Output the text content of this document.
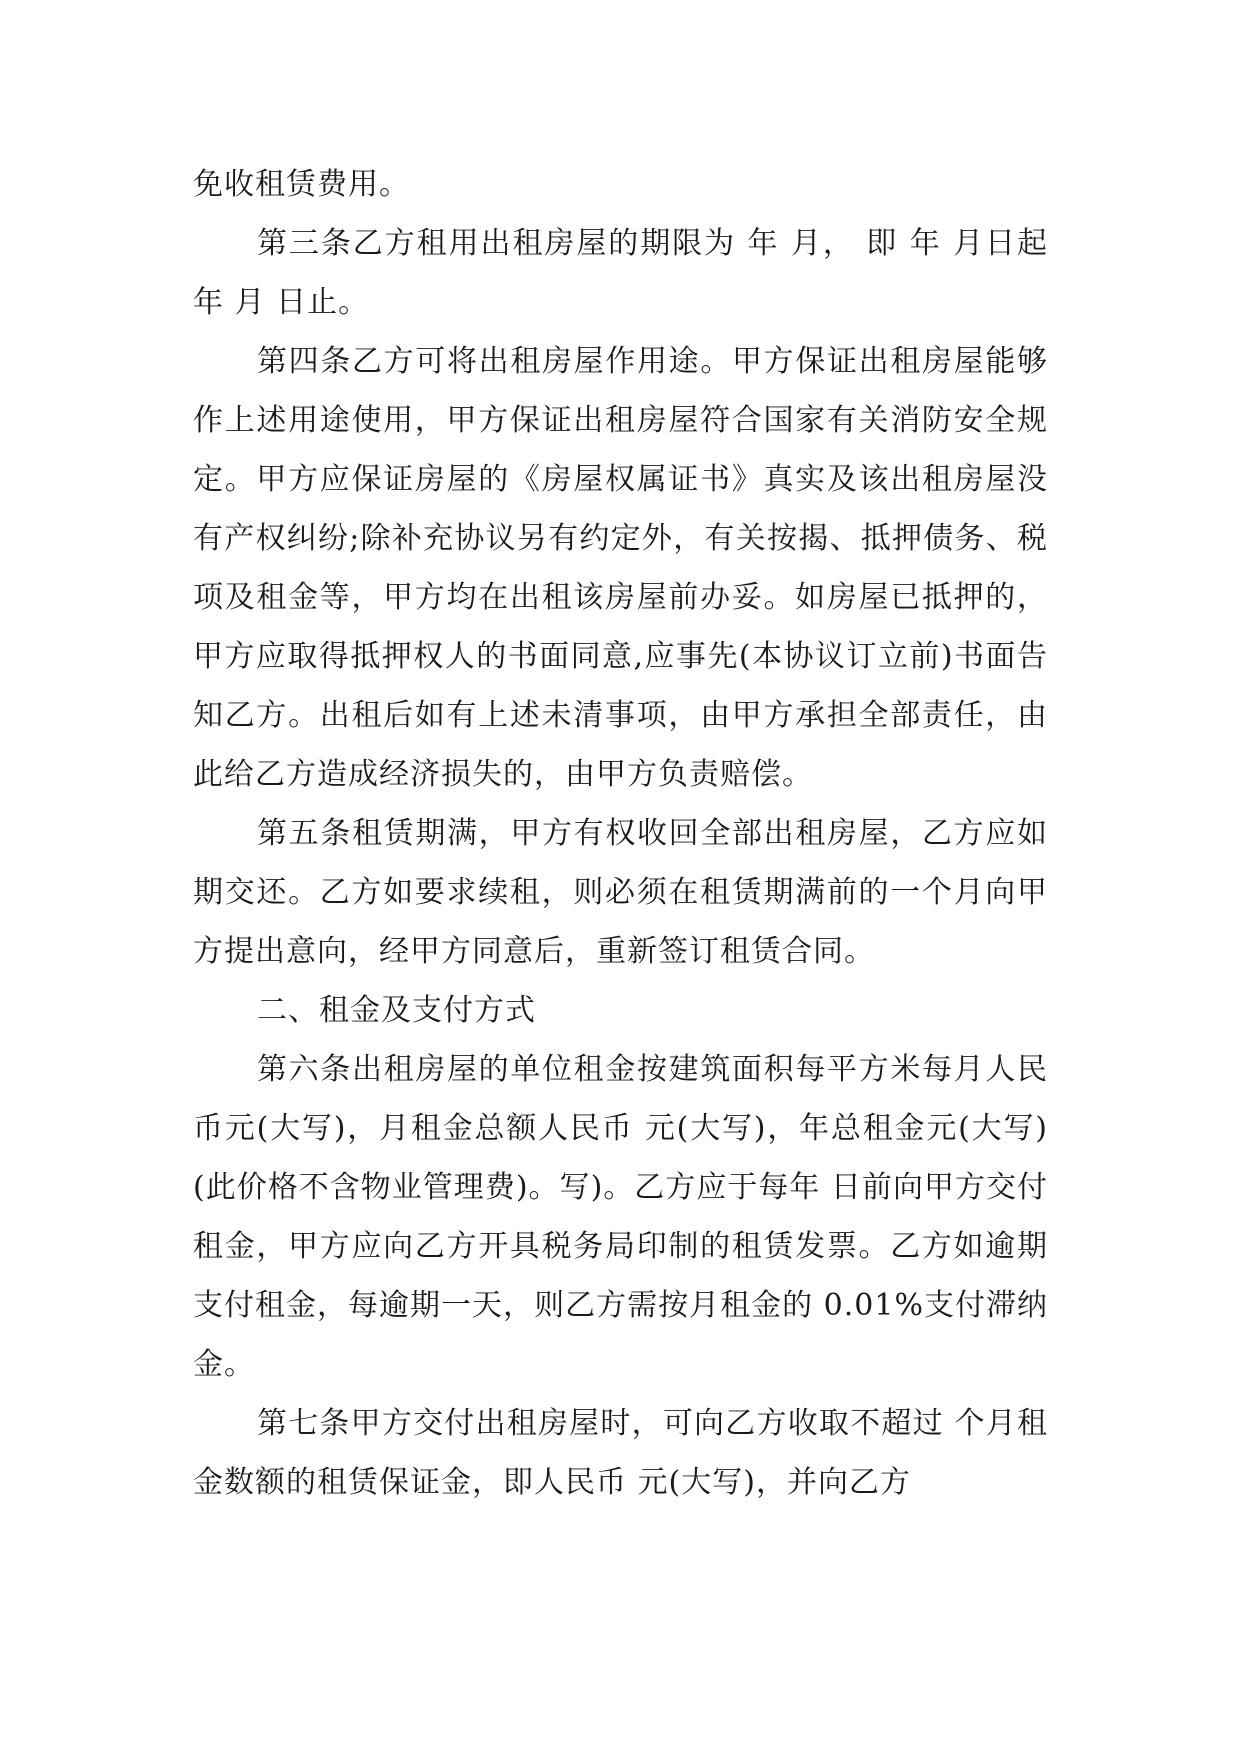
免收租赁费用。

第三条乙方租用出租房屋的期限为 年 月， 即 年 月日起 年 月 日止。

第四条乙方可将出租房屋作用途。甲方保证出租房屋能够作上述用途使用，甲方保证出租房屋符合国家有关消防安全规定。甲方应保证房屋的《房屋权属证书》真实及该出租房屋没有产权纠纷;除补充协议另有约定外，有关按揭、抵押债务、税项及租金等，甲方均在出租该房屋前办妥。如房屋已抵押的，甲方应取得抵押权人的书面同意,应事先(本协议订立前)书面告知乙方。出租后如有上述未清事项，由甲方承担全部责任，由此给乙方造成经济损失的，由甲方负责赔偿。

第五条租赁期满，甲方有权收回全部出租房屋，乙方应如期交还。乙方如要求续租，则必须在租赁期满前的一个月向甲方提出意向，经甲方同意后，重新签订租赁合同。

二、租金及支付方式

第六条出租房屋的单位租金按建筑面积每平方米每月人民币元(大写)，月租金总额人民币 元(大写)，年总租金元(大写)(此价格不含物业管理费)。写)。乙方应于每年 日前向甲方交付租金，甲方应向乙方开具税务局印制的租赁发票。乙方如逾期支付租金，每逾期一天，则乙方需按月租金的 0.01%支付滞纳金。

第七条甲方交付出租房屋时，可向乙方收取不超过 个月租金数额的租赁保证金，即人民币 元(大写)，并向乙方
